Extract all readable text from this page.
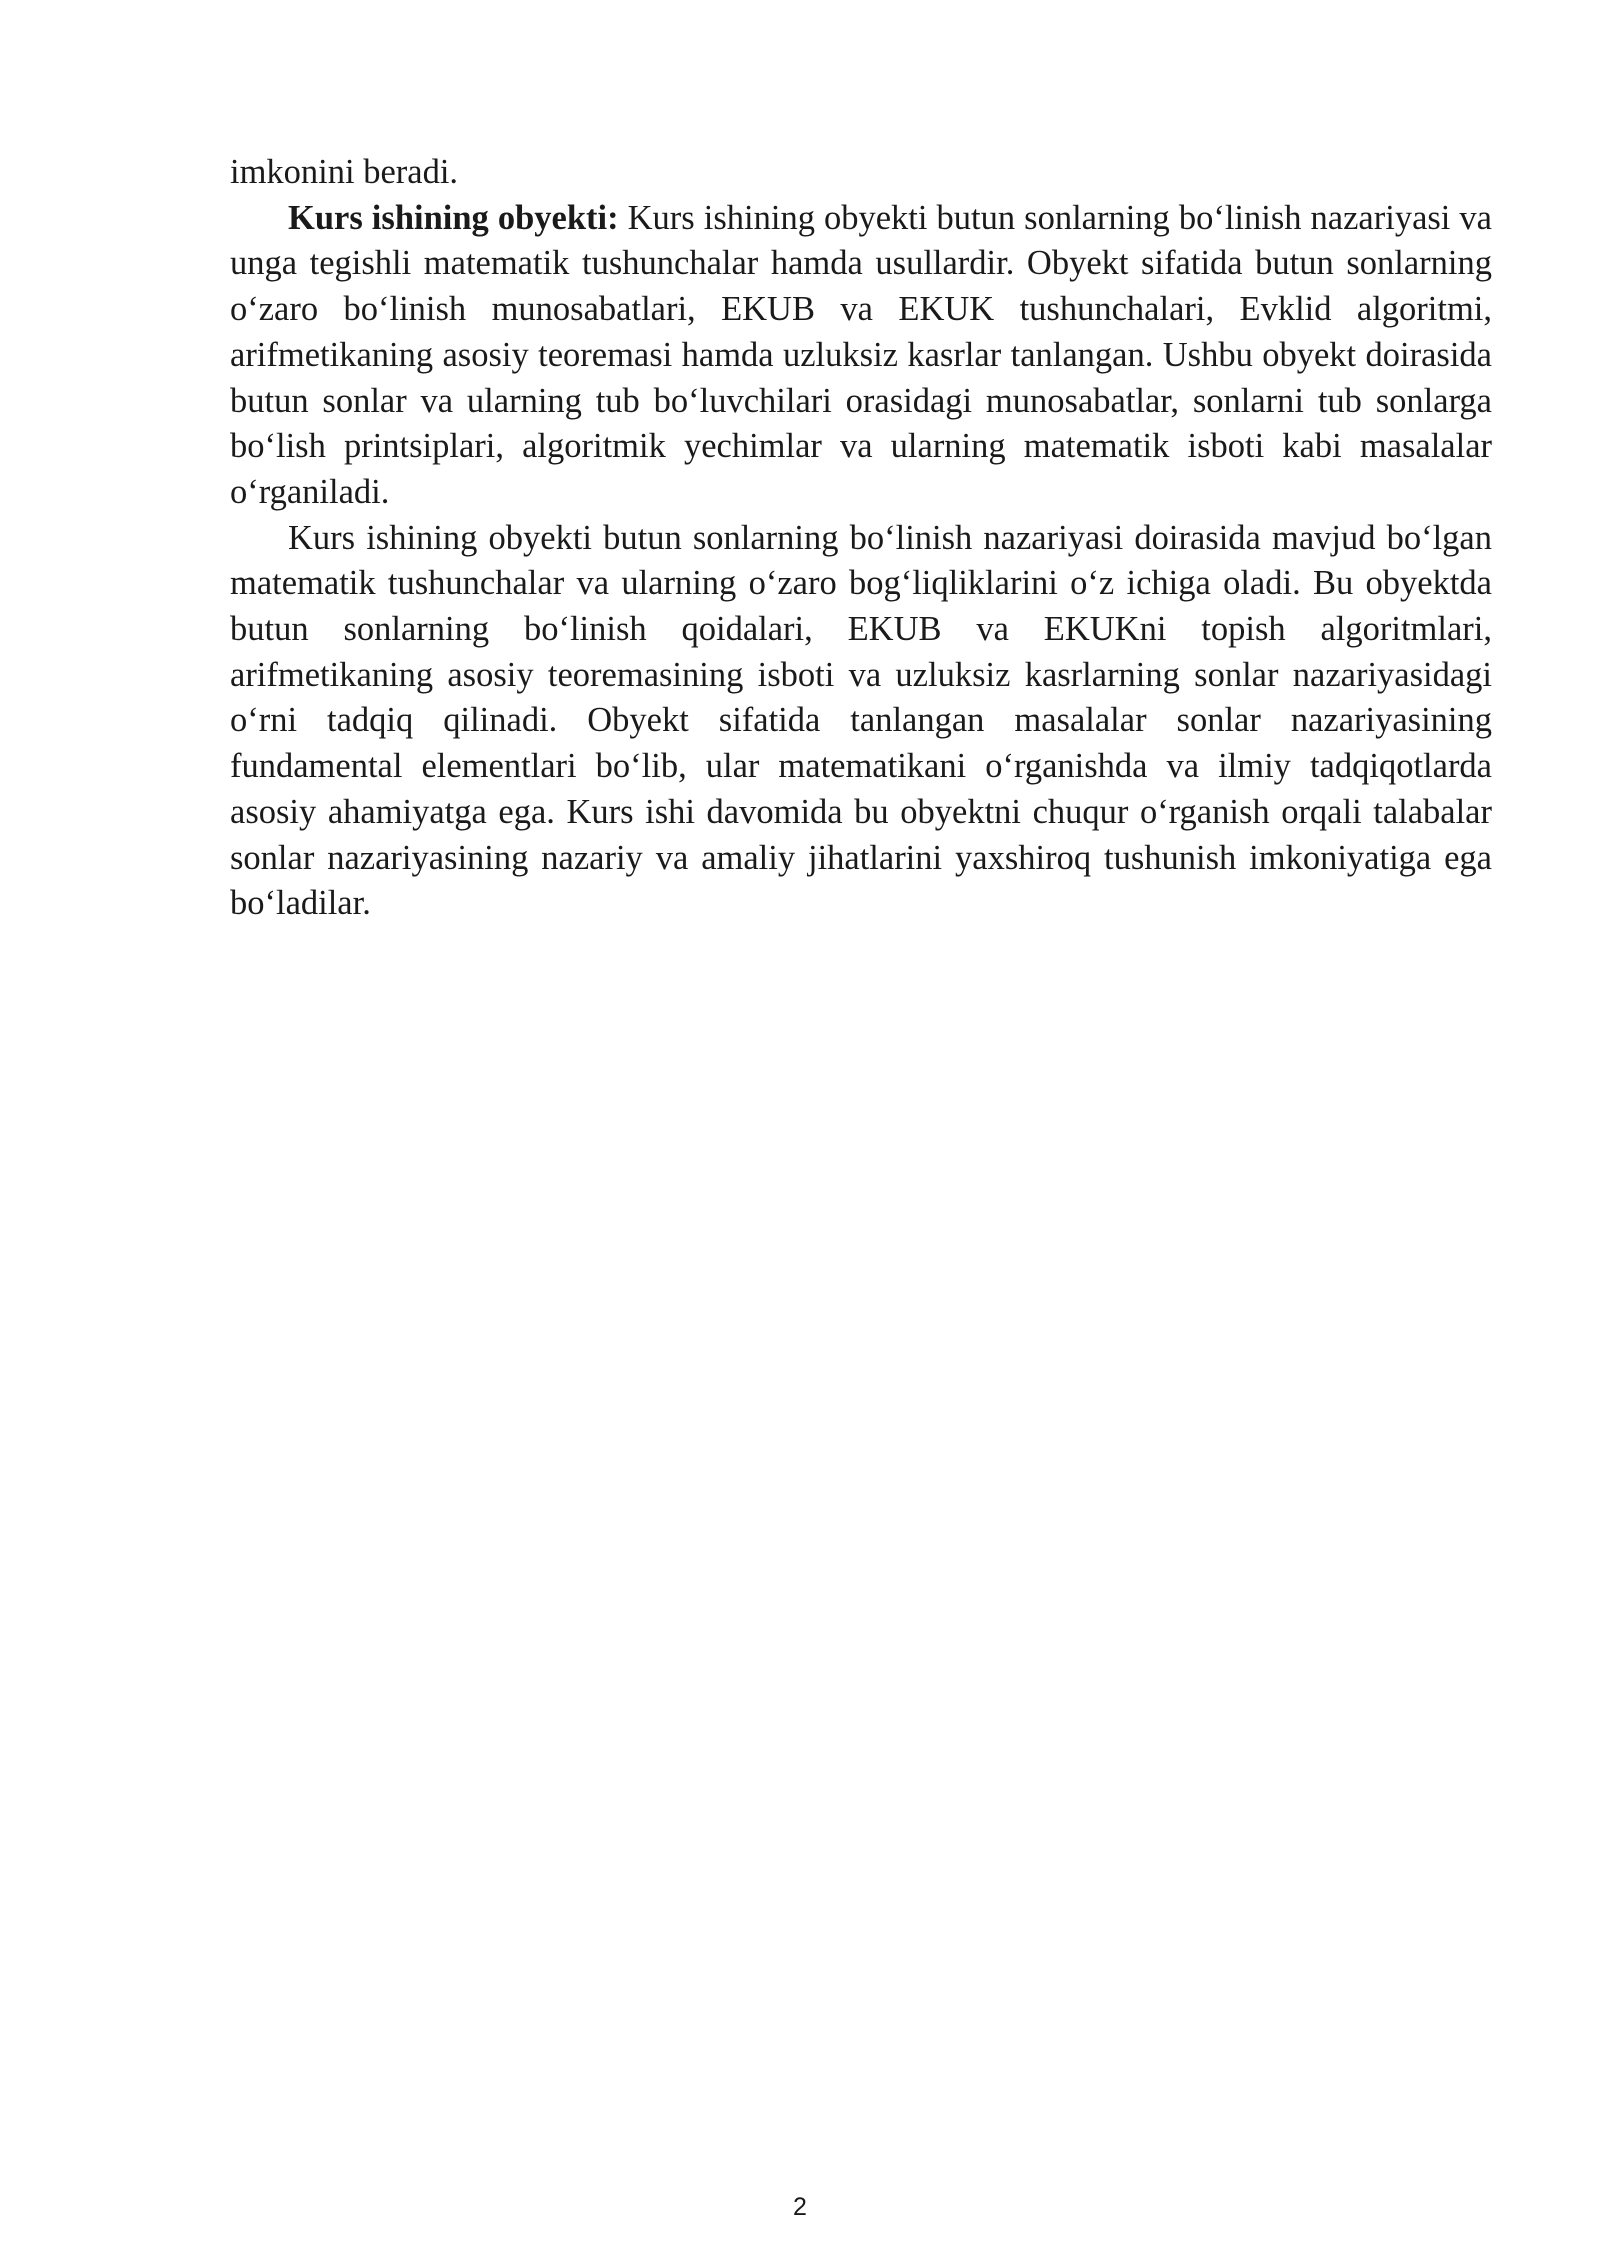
imkonini beradi.

Kurs ishining obyekti: Kurs ishining obyekti butun sonlarning bo‘linish nazariyasi va unga tegishli matematik tushunchalar hamda usullardir. Obyekt sifatida butun sonlarning o‘zaro bo‘linish munosabatlari, EKUB va EKUK tushunchalari, Evklid algoritmi, arifmetikaning asosiy teoremasi hamda uzluksiz kasrlar tanlangan. Ushbu obyekt doirasida butun sonlar va ularning tub bo‘luvchilari orasidagi munosabatlar, sonlarni tub sonlarga bo‘lish printsiplari, algoritmik yechimlar va ularning matematik isboti kabi masalalar o‘rganiladi.

Kurs ishining obyekti butun sonlarning bo‘linish nazariyasi doirasida mavjud bo‘lgan matematik tushunchalar va ularning o‘zaro bog‘liqliklarini o‘z ichiga oladi. Bu obyektda butun sonlarning bo‘linish qoidalari, EKUB va EKUKni topish algoritmlari, arifmetikaning asosiy teoremasining isboti va uzluksiz kasrlarning sonlar nazariyasidagi o‘rni tadqiq qilinadi. Obyekt sifatida tanlangan masalalar sonlar nazariyasining fundamental elementlari bo‘lib, ular matematikani o‘rganishda va ilmiy tadqiqotlarda asosiy ahamiyatga ega. Kurs ishi davomida bu obyektni chuqur o‘rganish orqali talabalar sonlar nazariyasining nazariy va amaliy jihatlarini yaxshiroq tushunish imkoniyatiga ega bo‘ladilar.

2
